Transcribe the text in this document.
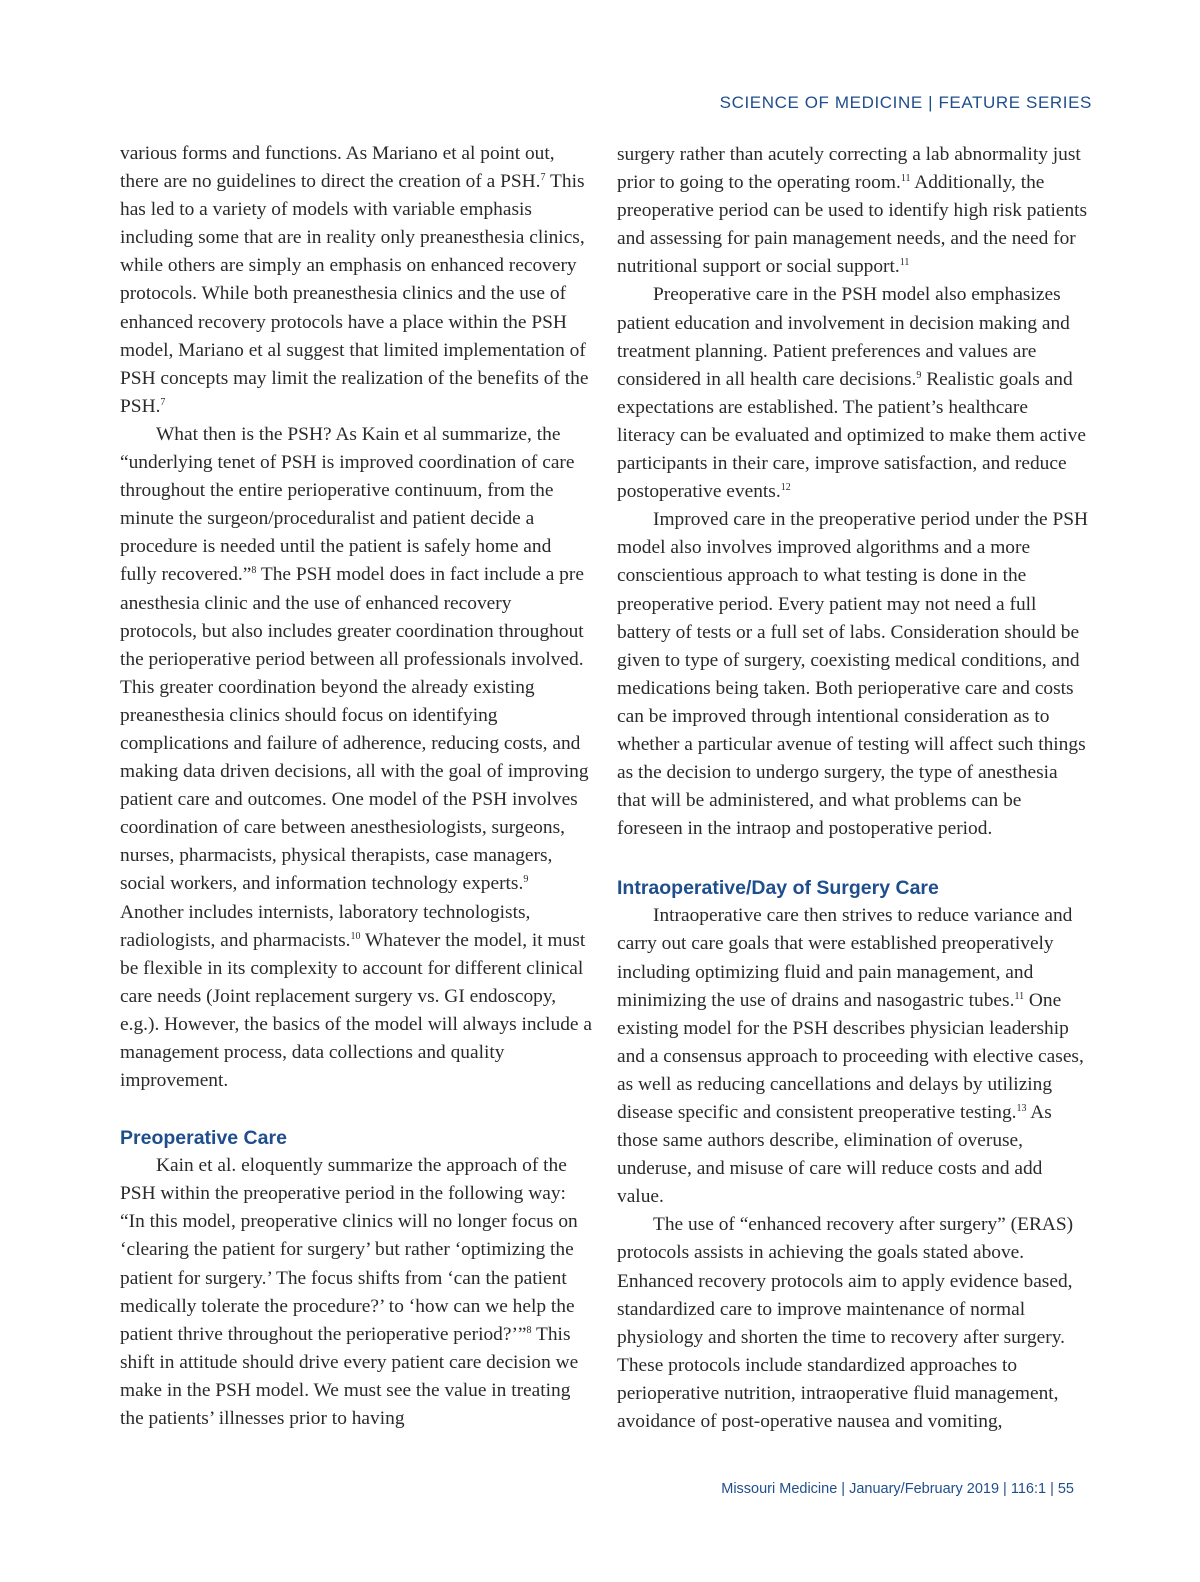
SCIENCE OF MEDICINE | FEATURE SERIES

various forms and functions. As Mariano et al point out, there are no guidelines to direct the creation of a PSH.$^7$ This has led to a variety of models with variable emphasis including some that are in reality only preanesthesia clinics, while others are simply an emphasis on enhanced recovery protocols. While both preanesthesia clinics and the use of enhanced recovery protocols have a place within the PSH model, Mariano et al suggest that limited implementation of PSH concepts may limit the realization of the benefits of the PSH.$^7$

What then is the PSH? As Kain et al summarize, the “underlying tenet of PSH is improved coordination of care throughout the entire perioperative continuum, from the minute the surgeon/proceduralist and patient decide a procedure is needed until the patient is safely home and fully recovered.”$^8$ The PSH model does in fact include a pre anesthesia clinic and the use of enhanced recovery protocols, but also includes greater coordination throughout the perioperative period between all professionals involved. This greater coordination beyond the already existing preanesthesia clinics should focus on identifying complications and failure of adherence, reducing costs, and making data driven decisions, all with the goal of improving patient care and outcomes. One model of the PSH involves coordination of care between anesthesiologists, surgeons, nurses, pharmacists, physical therapists, case managers, social workers, and information technology experts.$^9$ Another includes internists, laboratory technologists, radiologists, and pharmacists.$^{10}$ Whatever the model, it must be flexible in its complexity to account for different clinical care needs (Joint replacement surgery vs. GI endoscopy, e.g.). However, the basics of the model will always include a management process, data collections and quality improvement.

Preoperative Care

Kain et al. eloquently summarize the approach of the PSH within the preoperative period in the following way: “In this model, preoperative clinics will no longer focus on ‘clearing the patient for surgery’ but rather ‘optimizing the patient for surgery.’ The focus shifts from ‘can the patient medically tolerate the procedure?’ to ‘how can we help the patient thrive throughout the perioperative period?’”$^8$ This shift in attitude should drive every patient care decision we make in the PSH model. We must see the value in treating the patients’ illnesses prior to having

surgery rather than acutely correcting a lab abnormality just prior to going to the operating room.$^{11}$ Additionally, the preoperative period can be used to identify high risk patients and assessing for pain management needs, and the need for nutritional support or social support.$^{11}$

Preoperative care in the PSH model also emphasizes patient education and involvement in decision making and treatment planning. Patient preferences and values are considered in all health care decisions.$^9$ Realistic goals and expectations are established. The patient’s healthcare literacy can be evaluated and optimized to make them active participants in their care, improve satisfaction, and reduce postoperative events.$^{12}$

Improved care in the preoperative period under the PSH model also involves improved algorithms and a more conscientious approach to what testing is done in the preoperative period. Every patient may not need a full battery of tests or a full set of labs. Consideration should be given to type of surgery, coexisting medical conditions, and medications being taken. Both perioperative care and costs can be improved through intentional consideration as to whether a particular avenue of testing will affect such things as the decision to undergo surgery, the type of anesthesia that will be administered, and what problems can be foreseen in the intraop and postoperative period.

Intraoperative/Day of Surgery Care

Intraoperative care then strives to reduce variance and carry out care goals that were established preoperatively including optimizing fluid and pain management, and minimizing the use of drains and nasogastric tubes.$^{11}$ One existing model for the PSH describes physician leadership and a consensus approach to proceeding with elective cases, as well as reducing cancellations and delays by utilizing disease specific and consistent preoperative testing.$^{13}$ As those same authors describe, elimination of overuse, underuse, and misuse of care will reduce costs and add value.

The use of “enhanced recovery after surgery” (ERAS) protocols assists in achieving the goals stated above. Enhanced recovery protocols aim to apply evidence based, standardized care to improve maintenance of normal physiology and shorten the time to recovery after surgery. These protocols include standardized approaches to perioperative nutrition, intraoperative fluid management, avoidance of post-operative nausea and vomiting,

Missouri Medicine | January/February 2019 | 116:1 | 55
